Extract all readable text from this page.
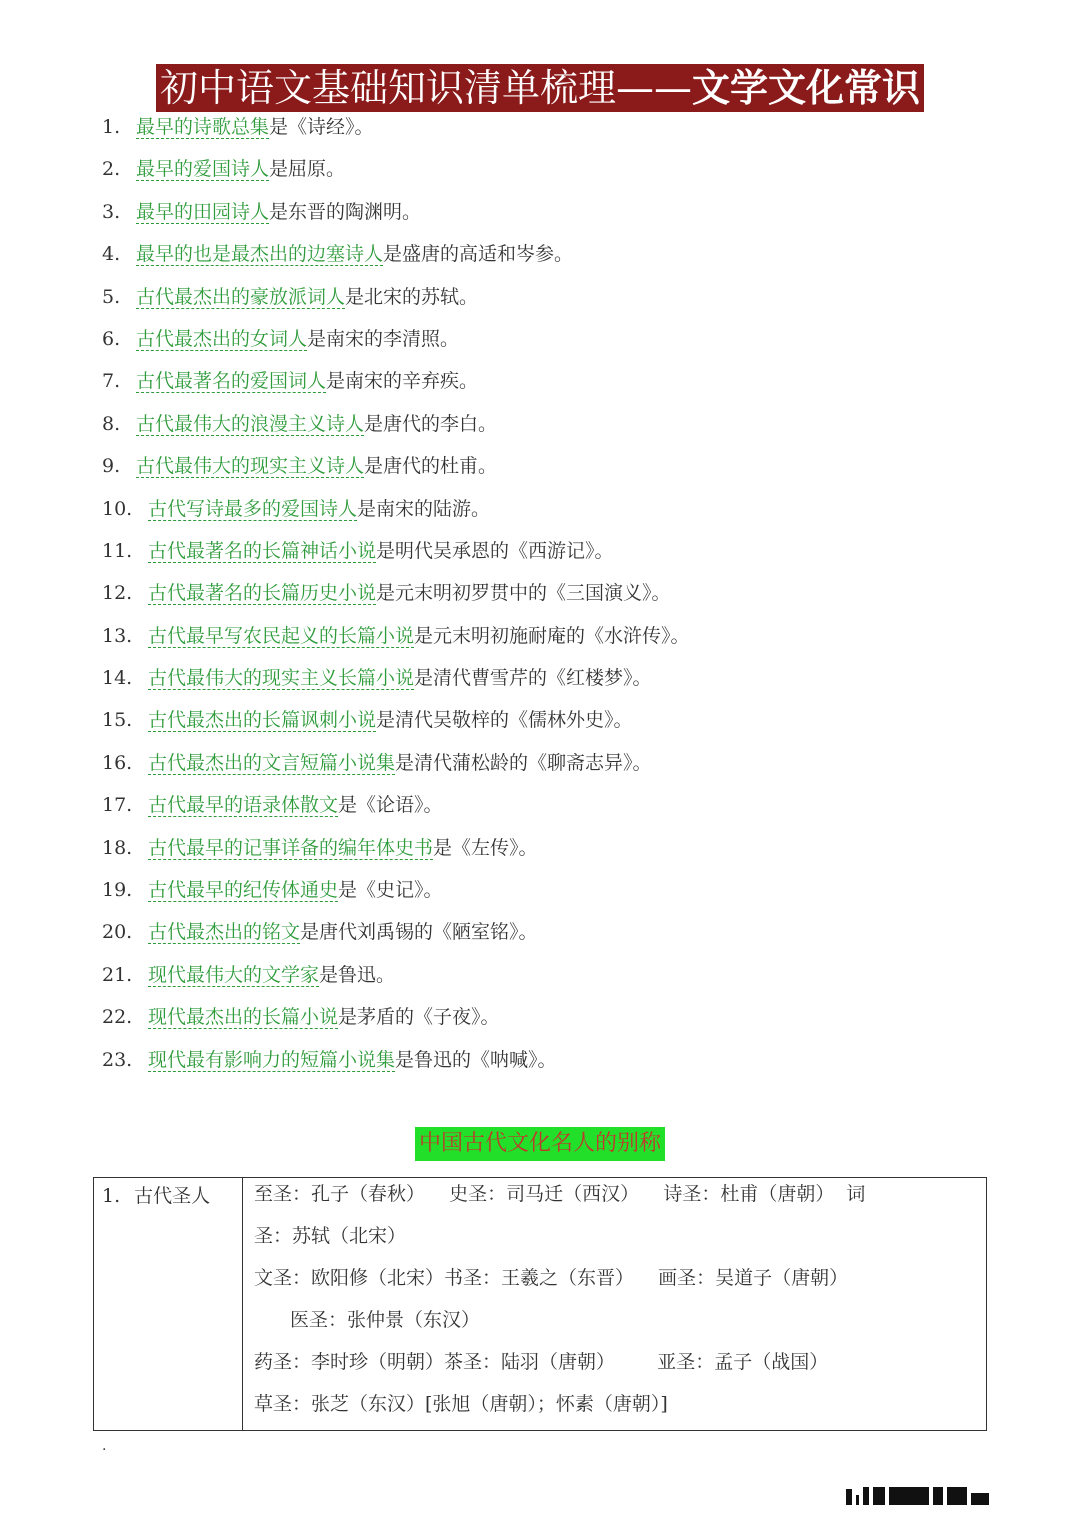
初中语文基础知识清单梳理——文学文化常识
1. 最早的诗歌总集是《诗经》。
2. 最早的爱国诗人是屈原。
3. 最早的田园诗人是东晋的陶渊明。
4. 最早的也是最杰出的边塞诗人是盛唐的高适和岑参。
5. 古代最杰出的豪放派词人是北宋的苏轼。
6. 古代最杰出的女词人是南宋的李清照。
7. 古代最著名的爱国词人是南宋的辛弃疾。
8. 古代最伟大的浪漫主义诗人是唐代的李白。
9. 古代最伟大的现实主义诗人是唐代的杜甫。
10. 古代写诗最多的爱国诗人是南宋的陆游。
11. 古代最著名的长篇神话小说是明代吴承恩的《西游记》。
12. 古代最著名的长篇历史小说是元末明初罗贯中的《三国演义》。
13. 古代最早写农民起义的长篇小说是元末明初施耐庵的《水浒传》。
14. 古代最伟大的现实主义长篇小说是清代曹雪芹的《红楼梦》。
15. 古代最杰出的长篇讽刺小说是清代吴敬梓的《儒林外史》。
16. 古代最杰出的文言短篇小说集是清代蒲松龄的《聊斋志异》。
17. 古代最早的语录体散文是《论语》。
18. 古代最早的记事详备的编年体史书是《左传》。
19. 古代最早的纪传体通史是《史记》。
20. 古代最杰出的铭文是唐代刘禹锡的《陋室铭》。
21. 现代最伟大的文学家是鲁迅。
22. 现代最杰出的长篇小说是茅盾的《子夜》。
23. 现代最有影响力的短篇小说集是鲁迅的《呐喊》。
中国古代文化名人的别称
1. 古代圣人 至圣：孔子（春秋）    史圣：司马迁（西汉）    诗圣：杜甫（唐朝）  词
圣：苏轼（北宋）
文圣：欧阳修（北宋）书圣：王羲之（东晋）    画圣：吴道子（唐朝）
医圣：张仲景（东汉）
药圣：李时珍（明朝）茶圣：陆羽（唐朝）       亚圣：孟子（战国）
草圣：张芝（东汉）[张旭（唐朝）；怀素（唐朝）]
.
